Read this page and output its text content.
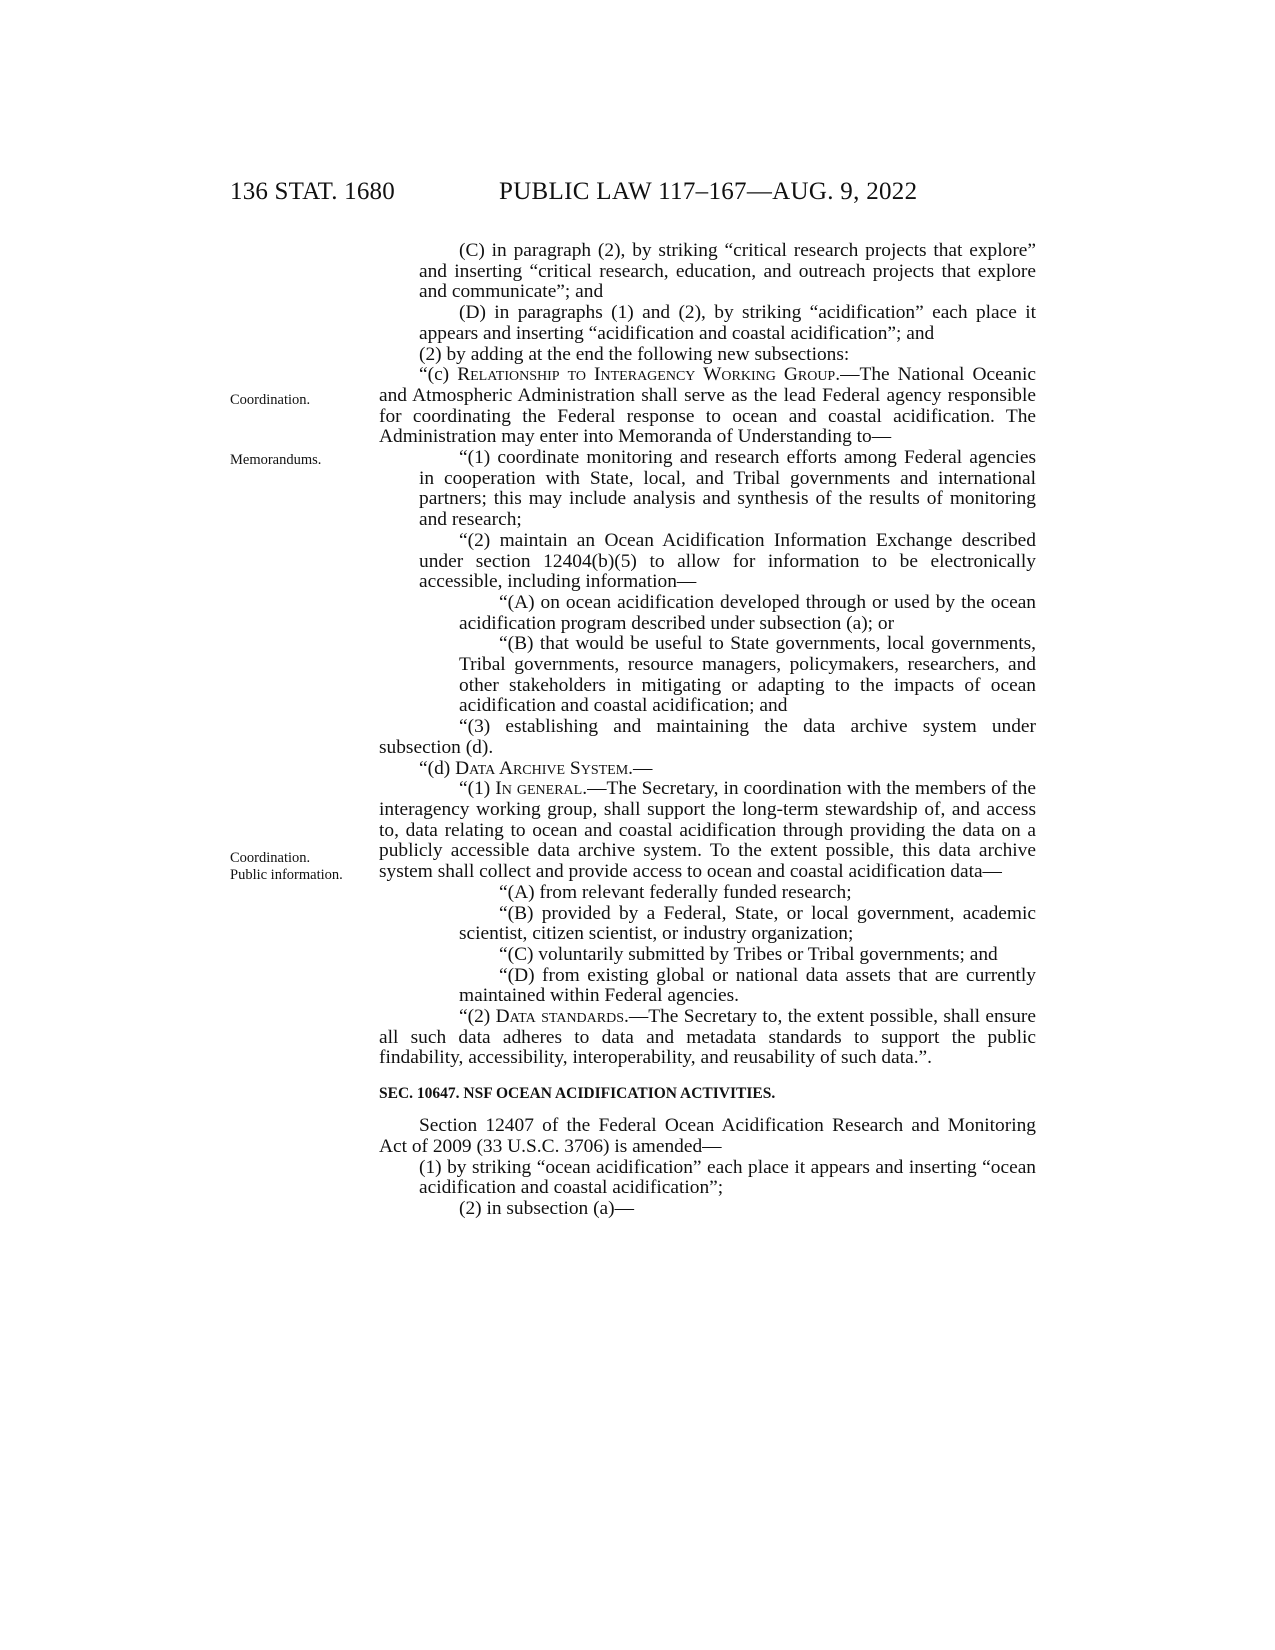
136 STAT. 1680	PUBLIC LAW 117–167—AUG. 9, 2022
Coordination.
Memorandums.
Coordination.
Public information.

(C) in paragraph (2), by striking “critical research projects that explore” and inserting “critical research, education, and outreach projects that explore and communicate”; and

(D) in paragraphs (1) and (2), by striking “acidification” each place it appears and inserting “acidification and coastal acidification”; and

(2) by adding at the end the following new subsections:

“(c) Relationship to Interagency Working Group.—The National Oceanic and Atmospheric Administration shall serve as the lead Federal agency responsible for coordinating the Federal response to ocean and coastal acidification. The Administration may enter into Memoranda of Understanding to—

“(1) coordinate monitoring and research efforts among Federal agencies in cooperation with State, local, and Tribal governments and international partners; this may include analysis and synthesis of the results of monitoring and research;

“(2) maintain an Ocean Acidification Information Exchange described under section 12404(b)(5) to allow for information to be electronically accessible, including information—

“(A) on ocean acidification developed through or used by the ocean acidification program described under subsection (a); or

“(B) that would be useful to State governments, local governments, Tribal governments, resource managers, policymakers, researchers, and other stakeholders in mitigating or adapting to the impacts of ocean acidification and coastal acidification; and

“(3) establishing and maintaining the data archive system under subsection (d).

“(d) Data Archive System.—

“(1) In general.—The Secretary, in coordination with the members of the interagency working group, shall support the long-term stewardship of, and access to, data relating to ocean and coastal acidification through providing the data on a publicly accessible data archive system. To the extent possible, this data archive system shall collect and provide access to ocean and coastal acidification data—

“(A) from relevant federally funded research;

“(B) provided by a Federal, State, or local government, academic scientist, citizen scientist, or industry organization;

“(C) voluntarily submitted by Tribes or Tribal governments; and

“(D) from existing global or national data assets that are currently maintained within Federal agencies.

“(2) Data standards.—The Secretary to, the extent possible, shall ensure all such data adheres to data and metadata standards to support the public findability, accessibility, interoperability, and reusability of such data.”.

SEC. 10647. NSF OCEAN ACIDIFICATION ACTIVITIES.

Section 12407 of the Federal Ocean Acidification Research and Monitoring Act of 2009 (33 U.S.C. 3706) is amended—

(1) by striking “ocean acidification” each place it appears and inserting “ocean acidification and coastal acidification”;

(2) in subsection (a)—
